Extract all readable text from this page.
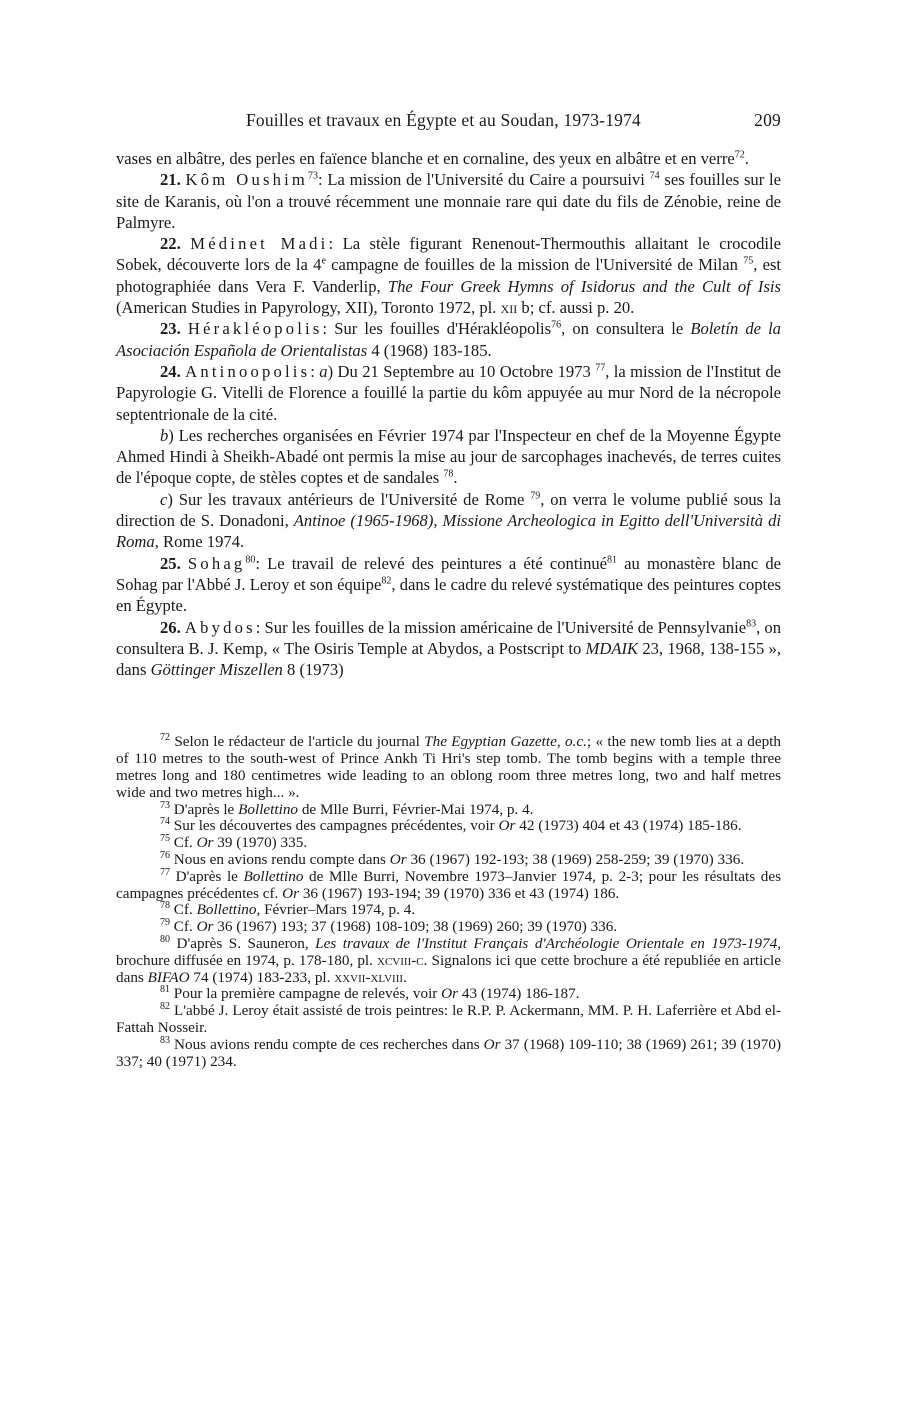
Fouilles et travaux en Égypte et au Soudan, 1973-1974	209

vases en albâtre, des perles en faïence blanche et en cornaline, des yeux en albâtre et en verre$^{72}$.

21. Kôm Oushim$^{73}$: La mission de l'Université du Caire a poursuivi $^{74}$ ses fouilles sur le site de Karanis, où l'on a trouvé récemment une monnaie rare qui date du fils de Zénobie, reine de Palmyre.

22. Médinet Madi: La stèle figurant Renenout-Thermouthis allaitant le crocodile Sobek, découverte lors de la 4e campagne de fouilles de la mission de l'Université de Milan $^{75}$, est photographiée dans Vera F. Vanderlip, The Four Greek Hymns of Isidorus and the Cult of Isis (American Studies in Papyrology, XII), Toronto 1972, pl. xii b; cf. aussi p. 20.

23. Hérakléopolis: Sur les fouilles d'Hérakléopolis$^{76}$, on consultera le Boletín de la Asociación Española de Orientalistas 4 (1968) 183-185.

24. Antinoopolis: a) Du 21 Septembre au 10 Octobre 1973 $^{77}$, la mission de l'Institut de Papyrologie G. Vitelli de Florence a fouillé la partie du kôm appuyée au mur Nord de la nécropole septentrionale de la cité.

b) Les recherches organisées en Février 1974 par l'Inspecteur en chef de la Moyenne Égypte Ahmed Hindi à Sheikh-Abadé ont permis la mise au jour de sarcophages inachevés, de terres cuites de l'époque copte, de stèles coptes et de sandales $^{78}$.

c) Sur les travaux antérieurs de l'Université de Rome $^{79}$, on verra le volume publié sous la direction de S. Donadoni, Antinoe (1965-1968), Missione Archeologica in Egitto dell'Università di Roma, Rome 1974.

25. Sohag$^{80}$: Le travail de relevé des peintures a été continué$^{81}$ au monastère blanc de Sohag par l'Abbé J. Leroy et son équipe$^{82}$, dans le cadre du relevé systématique des peintures coptes en Égypte.

26. Abydos: Sur les fouilles de la mission américaine de l'Université de Pennsylvanie$^{83}$, on consultera B. J. Kemp, « The Osiris Temple at Abydos, a Postscript to MDAIK 23, 1968, 138-155 », dans Göttinger Miszellen 8 (1973)

$^{72}$ Selon le rédacteur de l'article du journal The Egyptian Gazette, o.c.; « the new tomb lies at a depth of 110 metres to the south-west of Prince Ankh Ti Hri's step tomb. The tomb begins with a temple three metres long and 180 centimetres wide leading to an oblong room three metres long, two and half metres wide and two metres high... ».

$^{73}$ D'après le Bollettino de Mlle Burri, Février-Mai 1974, p. 4.

$^{74}$ Sur les découvertes des campagnes précédentes, voir Or 42 (1973) 404 et 43 (1974) 185-186.

$^{75}$ Cf. Or 39 (1970) 335.

$^{76}$ Nous en avions rendu compte dans Or 36 (1967) 192-193; 38 (1969) 258-259; 39 (1970) 336.

$^{77}$ D'après le Bollettino de Mlle Burri, Novembre 1973–Janvier 1974, p. 2-3; pour les résultats des campagnes précédentes cf. Or 36 (1967) 193-194; 39 (1970) 336 et 43 (1974) 186.

$^{78}$ Cf. Bollettino, Février–Mars 1974, p. 4.

$^{79}$ Cf. Or 36 (1967) 193; 37 (1968) 108-109; 38 (1969) 260; 39 (1970) 336.

$^{80}$ D'après S. Sauneron, Les travaux de l'Institut Français d'Archéologie Orientale en 1973-1974, brochure diffusée en 1974, p. 178-180, pl. xcviii-c. Signalons ici que cette brochure a été republiée en article dans BIFAO 74 (1974) 183-233, pl. xxvii-xlviii.

$^{81}$ Pour la première campagne de relevés, voir Or 43 (1974) 186-187.

$^{82}$ L'abbé J. Leroy était assisté de trois peintres: le R.P. P. Ackermann, MM. P. H. Laferrière et Abd el-Fattah Nosseir.

$^{83}$ Nous avions rendu compte de ces recherches dans Or 37 (1968) 109-110; 38 (1969) 261; 39 (1970) 337; 40 (1971) 234.
